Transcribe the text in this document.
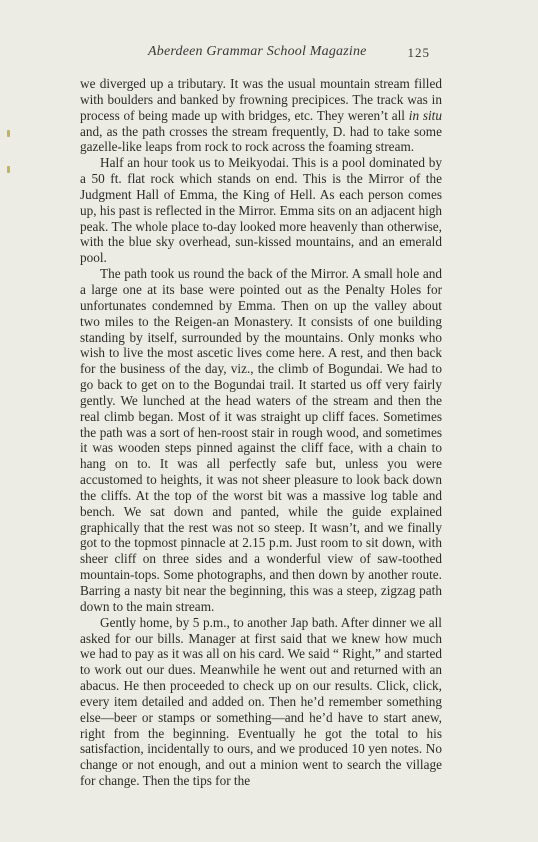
Aberdeen Grammar School Magazine	125

we diverged up a tributary. It was the usual mountain stream filled with boulders and banked by frowning precipices. The track was in process of being made up with bridges, etc. They weren’t all in situ and, as the path crosses the stream frequently, D. had to take some gazelle-like leaps from rock to rock across the foaming stream.

Half an hour took us to Meikyodai. This is a pool dominated by a 50 ft. flat rock which stands on end. This is the Mirror of the Judgment Hall of Emma, the King of Hell. As each person comes up, his past is reflected in the Mirror. Emma sits on an adjacent high peak. The whole place to-day looked more heavenly than otherwise, with the blue sky overhead, sun-kissed mountains, and an emerald pool.

The path took us round the back of the Mirror. A small hole and a large one at its base were pointed out as the Penalty Holes for unfortunates condemned by Emma. Then on up the valley about two miles to the Reigen-an Monastery. It consists of one building standing by itself, surrounded by the mountains. Only monks who wish to live the most ascetic lives come here. A rest, and then back for the business of the day, viz., the climb of Bogundai. We had to go back to get on to the Bogundai trail. It started us off very fairly gently. We lunched at the head waters of the stream and then the real climb began. Most of it was straight up cliff faces. Sometimes the path was a sort of hen-roost stair in rough wood, and sometimes it was wooden steps pinned against the cliff face, with a chain to hang on to. It was all perfectly safe but, unless you were accustomed to heights, it was not sheer pleasure to look back down the cliffs. At the top of the worst bit was a massive log table and bench. We sat down and panted, while the guide explained graphically that the rest was not so steep. It wasn’t, and we finally got to the topmost pinnacle at 2.15 p.m. Just room to sit down, with sheer cliff on three sides and a wonderful view of saw-toothed mountain-tops. Some photographs, and then down by another route. Barring a nasty bit near the beginning, this was a steep, zigzag path down to the main stream.

Gently home, by 5 p.m., to another Jap bath. After dinner we all asked for our bills. Manager at first said that we knew how much we had to pay as it was all on his card. We said “ Right,” and started to work out our dues. Meanwhile he went out and returned with an abacus. He then proceeded to check up on our results. Click, click, every item detailed and added on. Then he’d remember something else—beer or stamps or something—and he’d have to start anew, right from the beginning. Eventually he got the total to his satisfaction, incidentally to ours, and we produced 10 yen notes. No change or not enough, and out a minion went to search the village for change. Then the tips for the
